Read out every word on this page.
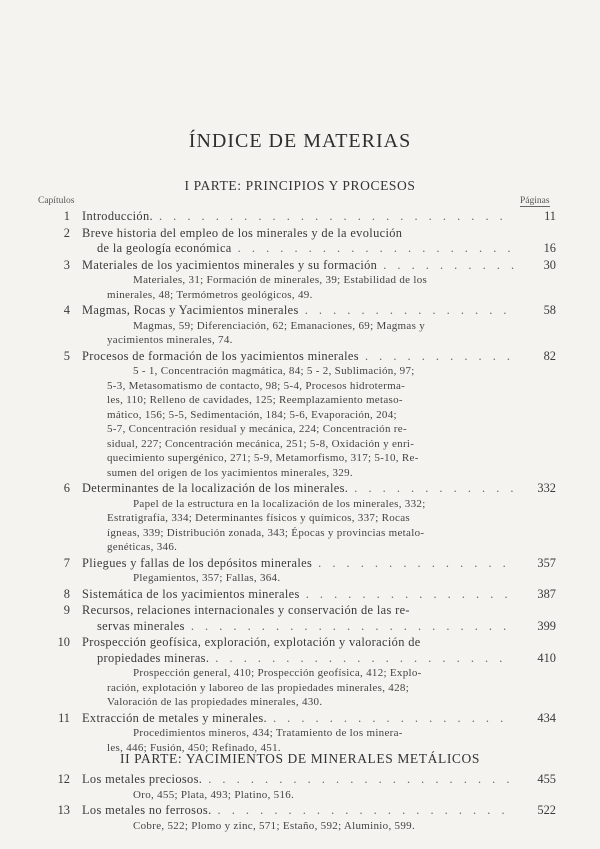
ÍNDICE DE MATERIAS
I PARTE: PRINCIPIOS Y PROCESOS
Capítulos	Páginas
1 Introducción. . . .	11
2 Breve historia del empleo de los minerales y de la evolución
de la geología económica . . .	16
3 Materiales de los yacimientos minerales y su formación . . .	30
Materiales, 31; Formación de minerales, 39; Estabilidad de los
minerales, 48; Termómetros geológicos, 49.
4 Magmas, Rocas y Yacimientos minerales . . .	58
Magmas, 59; Diferenciación, 62; Emanaciones, 69; Magmas y
yacimientos minerales, 74.
5 Procesos de formación de los yacimientos minerales . . .	82
5 - 1, Concentración magmática, 84; 5 - 2, Sublimación, 97;
5-3, Metasomatismo de contacto, 98; 5-4, Procesos hidroterma-
les, 110; Relleno de cavidades, 125; Reemplazamiento metaso-
mático, 156; 5-5, Sedimentación, 184; 5-6, Evaporación, 204;
5-7, Concentración residual y mecánica, 224; Concentración re-
sidual, 227; Concentración mecánica, 251; 5-8, Oxidación y enri-
quecimiento supergénico, 271; 5-9, Metamorfismo, 317; 5-10, Re-
sumen del origen de los yacimientos minerales, 329.
6 Determinantes de la localización de los minerales. . . .	332
Papel de la estructura en la localización de los minerales, 332;
Estratigrafía, 334; Determinantes físicos y químicos, 337; Rocas
ígneas, 339; Distribución zonada, 343; Épocas y provincias metalo-
genéticas, 346.
7 Pliegues y fallas de los depósitos minerales . . .	357
Plegamientos, 357; Fallas, 364.
8 Sistemática de los yacimientos minerales . . .	387
9 Recursos, relaciones internacionales y conservación de las re-
servas minerales . . .	399
10 Prospección geofísica, exploración, explotación y valoración de
propiedades mineras. . . .	410
Prospección general, 410; Prospección geofísica, 412; Explo-
ración, explotación y laboreo de las propiedades minerales, 428;
Valoración de las propiedades minerales, 430.
11 Extracción de metales y minerales. . . .	434
Procedimientos mineros, 434; Tratamiento de los minera-
les, 446; Fusión, 450; Refinado, 451.
II PARTE: YACIMIENTOS DE MINERALES METÁLICOS
12 Los metales preciosos. . . .	455
Oro, 455; Plata, 493; Platino, 516.
13 Los metales no ferrosos. . . .	522
Cobre, 522; Plomo y zinc, 571; Estaño, 592; Aluminio, 599.
